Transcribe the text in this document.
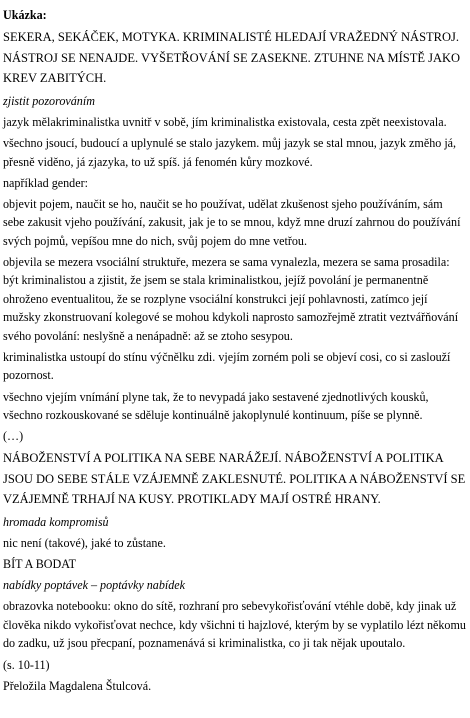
Ukázka:
SEKERA, SEKÁČEK, MOTYKA. KRIMINALISTÉ HLEDAJÍ VRAŽEDNÝ NÁSTROJ. NÁSTROJ SE NENAJDE. VYŠETŘOVÁNÍ SE ZASEKNE. ZTUHNE NA MÍSTĚ JAKO KREV ZABITÝCH.
zjistit pozorováním
jazyk mělakriminalistka uvnitř v sobě, jím kriminalistka existovala, cesta zpět neexistovala.
všechno jsoucí, budoucí a uplynulé se stalo jazykem. můj jazyk se stal mnou, jazyk změho já, přesně viděno, já zjazyka, to už spíš. já fenomén kůry mozkové.
například gender:
objevit pojem, naučit se ho, naučit se ho používat, udělat zkušenost sjeho používáním, sám sebe zakusit vjeho používání, zakusit, jak je to se mnou, když mne druzí zahrnou do používání svých pojmů, vepíšou mne do nich, svůj pojem do mne vetřou.
objevila se mezera vsociální struktuře, mezera se sama vynalezla, mezera se sama prosadila: být kriminalistou a zjistit, že jsem se stala kriminalistkou, jejíž povolání je permanentně ohroženo eventualitou, že se rozplyne vsociální konstrukci její pohlavnosti, zatímco její mužsky zkonstruovaní kolegové se mohou kdykoli naprosto samozřejmě ztratit veztvářňování svého povolání: neslyšně a nenápadně: až se ztoho sesypou.
kriminalistka ustoupí do stínu výčnělku zdi. vjejím zorném poli se objeví cosi, co si zaslouží pozornost.
všechno vjejím vnímání plyne tak, že to nevypadá jako sestavené zjednotlivých kousků, všechno rozkouskované se sděluje kontinuálně jakoplynulé kontinuum, píše se plynně.
(…)
NÁBOŽENSTVÍ A POLITIKA NA SEBE NARÁŽEJÍ. NÁBOŽENSTVÍ A POLITIKA JSOU DO SEBE STÁLE VZÁJEMNĚ ZAKLESNUTÉ. POLITIKA A NÁBOŽENSTVÍ SE VZÁJEMNĚ TRHAJÍ NA KUSY. PROTIKLADY MAJÍ OSTRÉ HRANY.
hromada kompromisů
nic není (takové), jaké to zůstane.
BÍT A BODAT
nabídky poptávek – poptávky nabídek
obrazovka notebooku: okno do sítě, rozhraní pro sebevykořisťování vtéhle době, kdy jinak už člověka nikdo vykořisťovat nechce, kdy všichni ti hajzlové, kterým by se vyplatilo lézt někomu do zadku, už jsou přecpaní, poznamenává si kriminalistka, co ji tak nějak upoutalo.
(s. 10-11)
Přeložila Magdalena Štulcová.
